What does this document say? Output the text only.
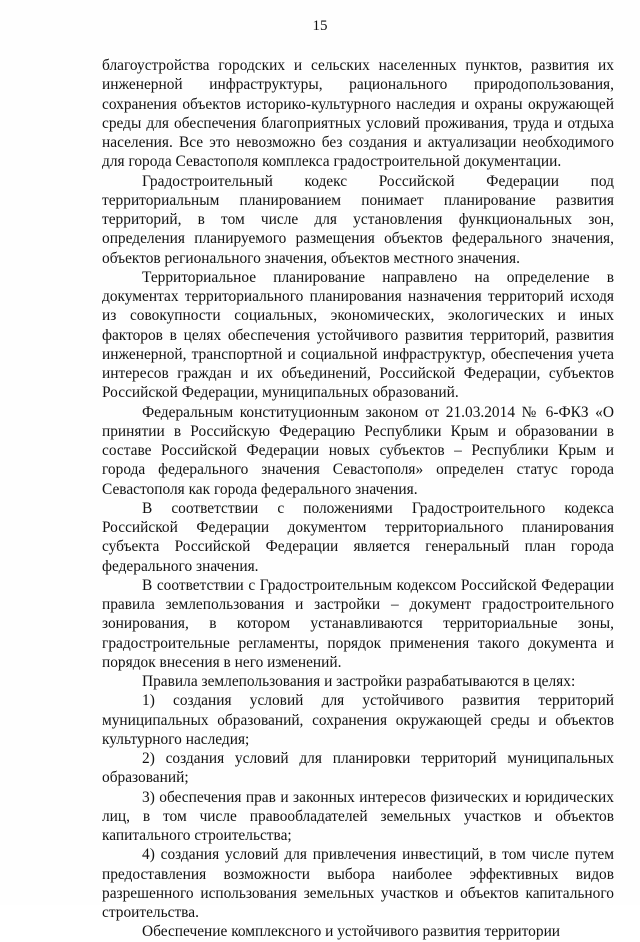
15

благоустройства городских и сельских населенных пунктов, развития их инженерной инфраструктуры, рационального природопользования, сохранения объектов историко-культурного наследия и охраны окружающей среды для обеспечения благоприятных условий проживания, труда и отдыха населения. Все это невозможно без создания и актуализации необходимого для города Севастополя комплекса градостроительной документации.

Градостроительный кодекс Российской Федерации под территориальным планированием понимает планирование развития территорий, в том числе для установления функциональных зон, определения планируемого размещения объектов федерального значения, объектов регионального значения, объектов местного значения.

Территориальное планирование направлено на определение в документах территориального планирования назначения территорий исходя из совокупности социальных, экономических, экологических и иных факторов в целях обеспечения устойчивого развития территорий, развития инженерной, транспортной и социальной инфраструктур, обеспечения учета интересов граждан и их объединений, Российской Федерации, субъектов Российской Федерации, муниципальных образований.

Федеральным конституционным законом от 21.03.2014 № 6-ФКЗ «О принятии в Российскую Федерацию Республики Крым и образовании в составе Российской Федерации новых субъектов – Республики Крым и города федерального значения Севастополя» определен статус города Севастополя как города федерального значения.

В соответствии с положениями Градостроительного кодекса Российской Федерации документом территориального планирования субъекта Российской Федерации является генеральный план города федерального значения.

В соответствии с Градостроительным кодексом Российской Федерации правила землепользования и застройки – документ градостроительного зонирования, в котором устанавливаются территориальные зоны, градостроительные регламенты, порядок применения такого документа и порядок внесения в него изменений.

Правила землепользования и застройки разрабатываются в целях:

1) создания условий для устойчивого развития территорий муниципальных образований, сохранения окружающей среды и объектов культурного наследия;

2) создания условий для планировки территорий муниципальных образований;

3) обеспечения прав и законных интересов физических и юридических лиц, в том числе правообладателей земельных участков и объектов капитального строительства;

4) создания условий для привлечения инвестиций, в том числе путем предоставления возможности выбора наиболее эффективных видов разрешенного использования земельных участков и объектов капитального строительства.

Обеспечение комплексного и устойчивого развития территории
